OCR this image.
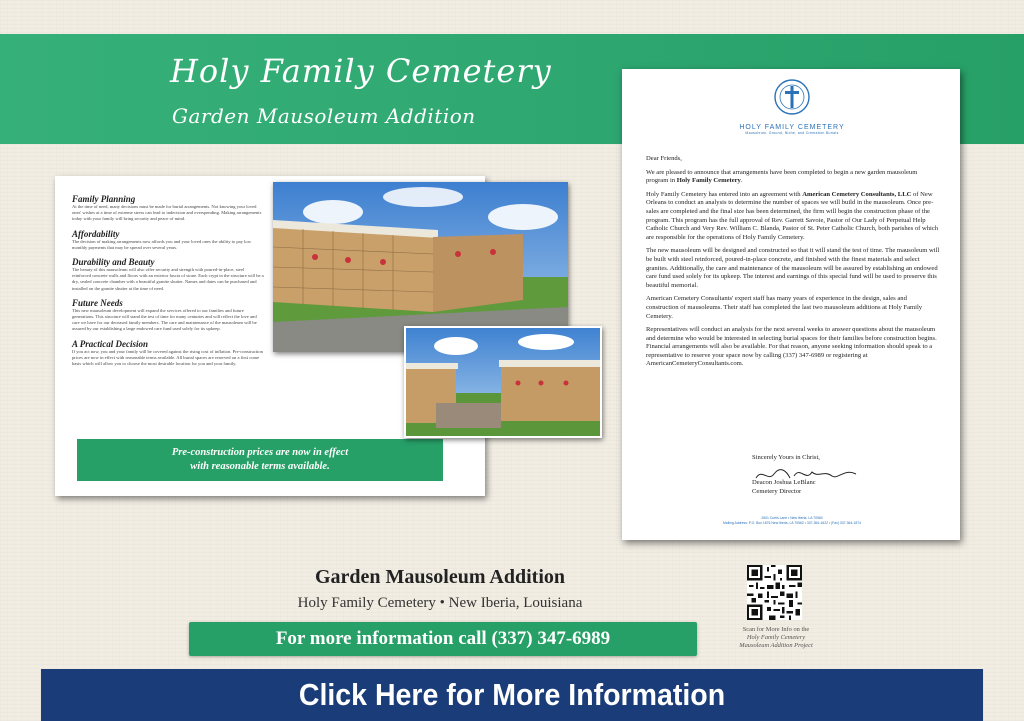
Holy Family Cemetery
Garden Mausoleum Addition

Family Planning

At the time of need, many decisions must be made for burial arrangements. Not knowing your loved ones' wishes at a time of extreme stress can lead to indecision and overspending. Making arrangements today with your family will bring security and peace of mind.

Affordability

The decision of making arrangements now affords you and your loved ones the ability to pay low monthly payments that may be spread over several years.

Durability and Beauty

The beauty of this mausoleum will also offer security and strength with poured-in-place, steel reinforced concrete walls and floors with an exterior fascia of stone. Each crypt in the structure will be a dry, sealed concrete chamber with a beautiful granite shutter. Names and dates can be purchased and installed on the granite shutter at the time of need.

Future Needs

This new mausoleum development will expand the services offered to our families and future generations. This structure will stand the test of time for many centuries and will reflect the love and care we have for our deceased family members. The care and maintenance of the mausoleum will be assured by our establishing a large endowed care fund used solely for its upkeep.

A Practical Decision

If you act now, you and your family will be covered against the rising cost of inflation. Pre-construction prices are now in effect with reasonable terms available. All burial spaces are reserved on a first come basis which will allow you to choose the most desirable location for you and your family.

Pre-construction prices are now in effect
with reasonable terms available.
HOLY FAMILY CEMETERY
Mausoleum, Ground, Niche, and Cremation Burials

Dear Friends,

We are pleased to announce that arrangements have been completed to begin a new garden mausoleum program in Holy Family Cemetery.

Holy Family Cemetery has entered into an agreement with American Cemetery Consultants, LLC of New Orleans to conduct an analysis to determine the number of spaces we will build in the mausoleum. Once pre-sales are completed and the final size has been determined, the firm will begin the construction phase of the program. This program has the full approval of Rev. Garrett Savoie, Pastor of Our Lady of Perpetual Help Catholic Church and Very Rev. William C. Blanda, Pastor of St. Peter Catholic Church, both parishes of which are responsible for the operations of Holy Family Cemetery.

The new mausoleum will be designed and constructed so that it will stand the test of time. The mausoleum will be built with steel reinforced, poured-in-place concrete, and finished with the finest materials and select granites. Additionally, the care and maintenance of the mausoleum will be assured by establishing an endowed care fund used solely for its upkeep. The interest and earnings of this special fund will be used to preserve this beautiful memorial.

American Cemetery Consultants' expert staff has many years of experience in the design, sales and construction of mausoleums. Their staff has completed the last two mausoleum additions at Holy Family Cemetery.

Representatives will conduct an analysis for the next several weeks to answer questions about the mausoleum and determine who would be interested in selecting burial spaces for their families before construction begins. Financial arrangements will also be available. For that reason, anyone seeking information should speak to a representative to reserve your space now by calling (337) 347-6989 or registering at AmericanCemeteryConsultants.com.

Sincerely Yours in Christ,
Deacon Joshua LeBlanc
Cemetery Director
2601 Curtis Lane • New Iberia, LA 70560
Mailing Address: P.O. Box 1876 New Iberia, LA 70562 • 337-364-1622 • (Fax) 337-364-1874
Garden Mausoleum Addition
Holy Family Cemetery • New Iberia, Louisiana
For more information call (337) 347-6989	Scan for More Info on the
Holy Family Cemetery
Mausoleum Addition Project
Click Here for More Information
